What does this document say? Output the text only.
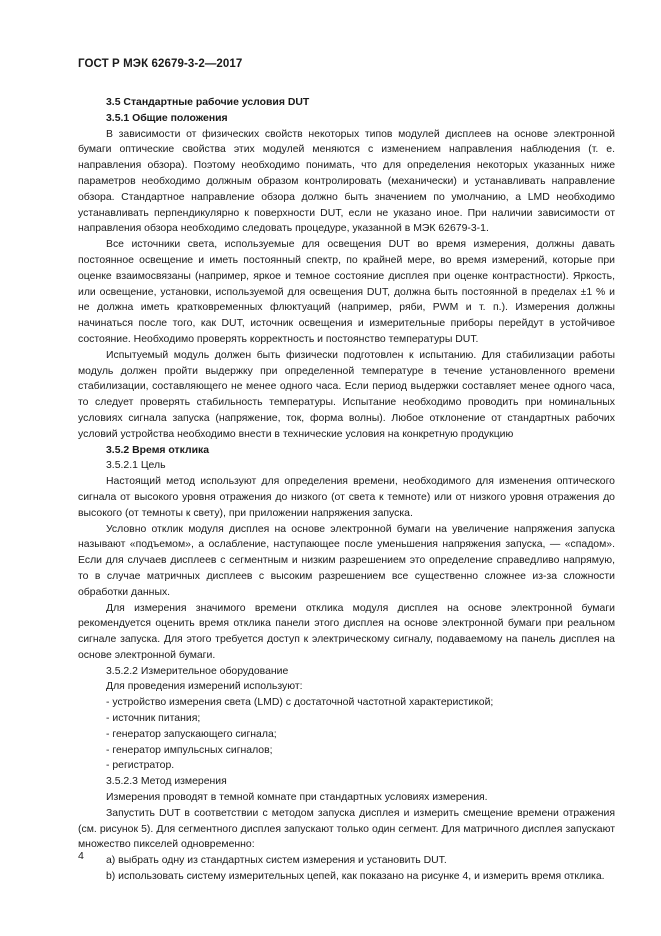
ГОСТ Р МЭК 62679-3-2—2017

3.5 Стандартные рабочие условия DUT

3.5.1 Общие положения

В зависимости от физических свойств некоторых типов модулей дисплеев на основе электронной бумаги оптические свойства этих модулей меняются с изменением направления наблюдения (т. е. направления обзора). Поэтому необходимо понимать, что для определения некоторых указанных ниже параметров необходимо должным образом контролировать (механически) и устанавливать направление обзора. Стандартное направление обзора должно быть значением по умолчанию, а LMD необходимо устанавливать перпендикулярно к поверхности DUT, если не указано иное. При наличии зависимости от направления обзора необходимо следовать процедуре, указанной в МЭК 62679-3-1.

Все источники света, используемые для освещения DUT во время измерения, должны давать постоянное освещение и иметь постоянный спектр, по крайней мере, во время измерений, которые при оценке взаимосвязаны (например, яркое и темное состояние дисплея при оценке контрастности). Яркость, или освещение, установки, используемой для освещения DUT, должна быть постоянной в пределах ±1 % и не должна иметь кратковременных флюктуаций (например, ряби, PWM и т. п.). Измерения должны начинаться после того, как DUT, источник освещения и измерительные приборы перейдут в устойчивое состояние. Необходимо проверять корректность и постоянство температуры DUT.

Испытуемый модуль должен быть физически подготовлен к испытанию. Для стабилизации работы модуль должен пройти выдержку при определенной температуре в течение установленного времени стабилизации, составляющего не менее одного часа. Если период выдержки составляет менее одного часа, то следует проверять стабильность температуры. Испытание необходимо проводить при номинальных условиях сигнала запуска (напряжение, ток, форма волны). Любое отклонение от стандартных рабочих условий устройства необходимо внести в технические условия на конкретную продукцию

3.5.2 Время отклика

3.5.2.1 Цель

Настоящий метод используют для определения времени, необходимого для изменения оптического сигнала от высокого уровня отражения до низкого (от света к темноте) или от низкого уровня отражения до высокого (от темноты к свету), при приложении напряжения запуска.

Условно отклик модуля дисплея на основе электронной бумаги на увеличение напряжения запуска называют «подъемом», а ослабление, наступающее после уменьшения напряжения запуска, — «спадом». Если для случаев дисплеев с сегментным и низким разрешением это определение справедливо напрямую, то в случае матричных дисплеев с высоким разрешением все существенно сложнее из-за сложности обработки данных.

Для измерения значимого времени отклика модуля дисплея на основе электронной бумаги рекомендуется оценить время отклика панели этого дисплея на основе электронной бумаги при реальном сигнале запуска. Для этого требуется доступ к электрическому сигналу, подаваемому на панель дисплея на основе электронной бумаги.

3.5.2.2 Измерительное оборудование

Для проведения измерений используют:

- устройство измерения света (LMD) с достаточной частотной характеристикой;

- источник питания;

- генератор запускающего сигнала;

- генератор импульсных сигналов;

- регистратор.

3.5.2.3 Метод измерения

Измерения проводят в темной комнате при стандартных условиях измерения.

Запустить DUT в соответствии с методом запуска дисплея и измерить смещение времени отражения (см. рисунок 5). Для сегментного дисплея запускают только один сегмент. Для матричного дисплея запускают множество пикселей одновременно:

а) выбрать одну из стандартных систем измерения и установить DUT.

b) использовать систему измерительных цепей, как показано на рисунке 4, и измерить время отклика.

4
